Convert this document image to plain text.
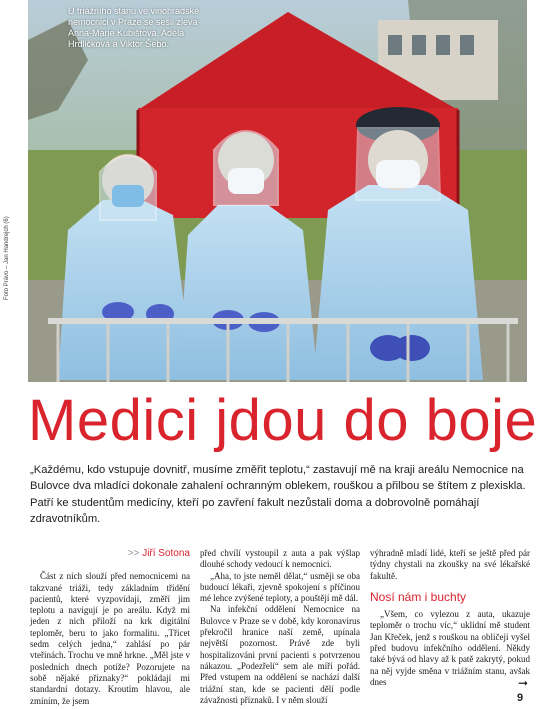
U triážního stanu ve vinohradské nemocnici v Praze se sešli zleva Anna-Marie Kubištová, Adéla Hrdličková a Viktor Šebo.
Foto Právo – Jan Handrejch (6)
Medici jdou do boje
„Každému, kdo vstupuje dovnitř, musíme změřit teplotu,“ zastavují mě na kraji areálu Nemocnice na Bulovce dva mladíci dokonale zahalení ochranným oblekem, rouškou a přilbou se štítem z plexiskla. Patří ke studentům medicíny, kteří po zavření fakult nezůstali doma a dobrovolně pomáhají zdravotníkům.

>> Jiří Sotona

Část z nich slouží před nemocnicemi na takzvané triáži, tedy základním třídění pacientů, které vyzpovídají, změří jim teplotu a navigují je po areálu. Když mi jeden z nich přiloží na krk digitální teploměr, beru to jako formalitu. „Třicet sedm celých jedna,“ zahlásí po pár vteřinách. Trochu ve mně hrkne. „Měl jste v posledních dnech potíže? Pozorujete na sobě nějaké příznaky?“ pokládají mi standardní dotazy. Kroutím hlavou, ale zmíním, že jsem

před chvílí vystoupil z auta a pak výšlap dlouhé schody vedoucí k nemocnici.

„Aha, to jste neměl dělat,“ usměji se oba budoucí lékaři, zjevně spokojení s příčinou mé lehce zvýšené teploty, a pouštějí mě dál.

Na infekční oddělení Nemocnice na Bulovce v Praze se v době, kdy koronavirus překročil hranice naší země, upínala největší pozornost. Právě zde byli hospitalizováni první pacienti s potvrzenou nákazou. „Podezřelí“ sem ale míří pořád. Před vstupem na oddělení se nachází další triážní stan, kde se pacienti dělí podle závažnosti příznaků. I v něm slouží

výhradně mladí lidé, kteří se ještě před pár týdny chystali na zkoušky na své lékařské fakultě.

Nosí nám i buchty

„Všem, co vylezou z auta, ukazuje teploměr o trochu víc,“ uklidní mě student Jan Křeček, jenž s rouškou na obličeji vyšel před budovu infekčního oddělení. Někdy také bývá od hlavy až k patě zakrytý, pokud na něj vyjde směna v triážním stanu, avšak dnes	➞
9
